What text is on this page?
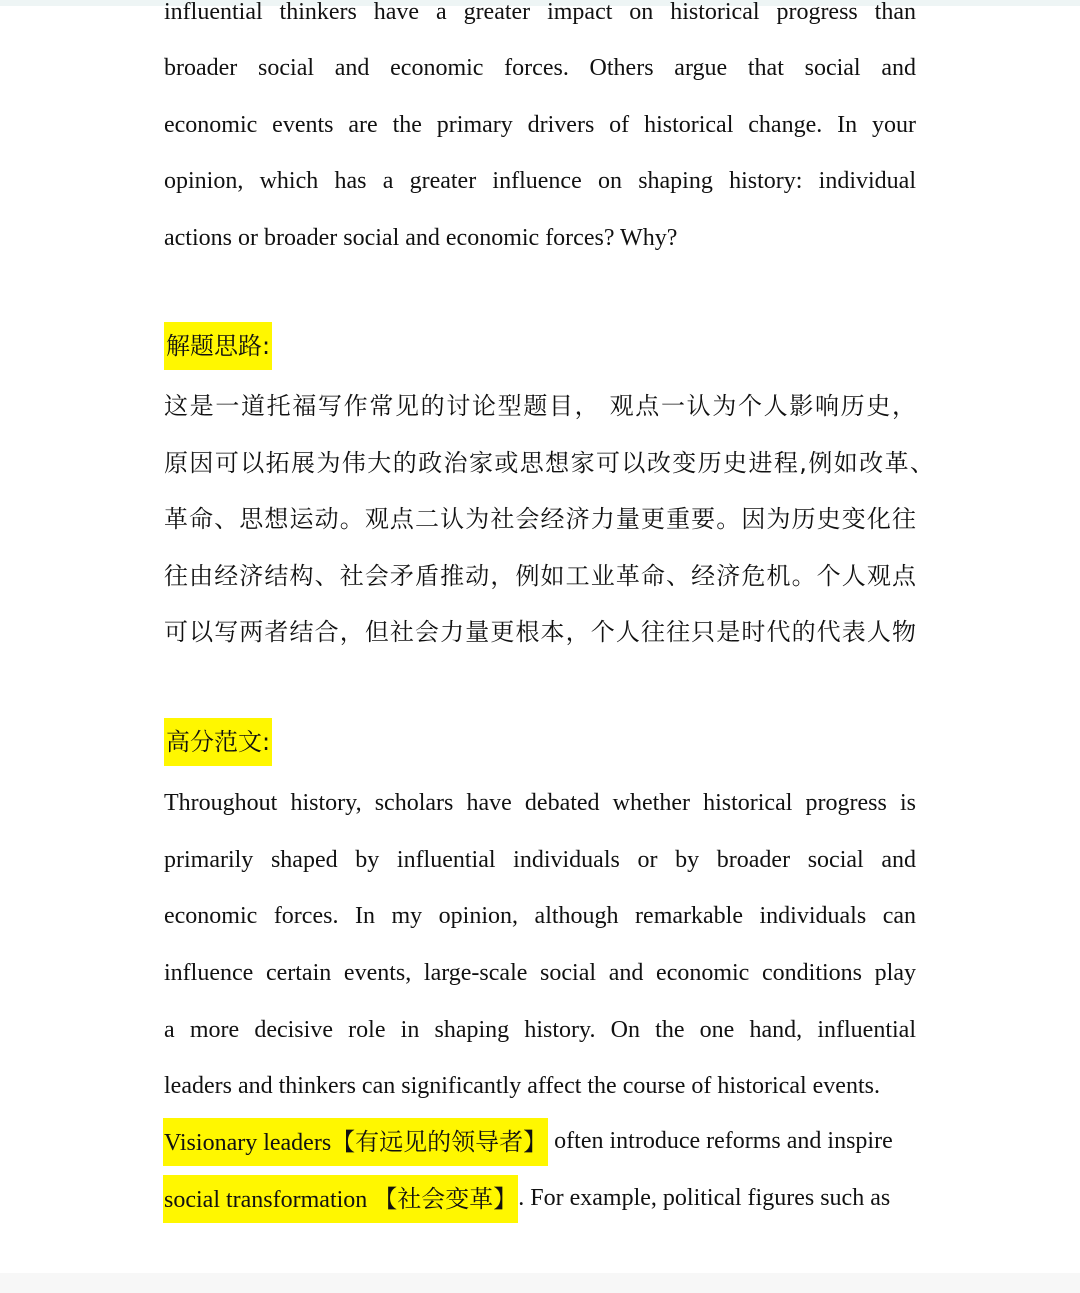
influential thinkers have a greater impact on historical progress than
broader social and economic forces. Others argue that social and
economic events are the primary drivers of historical change. In your
opinion, which has a greater influence on shaping history: individual
actions or broader social and economic forces? Why?
解题思路:
这是一道托福写作常见的讨论型题目， 观点一认为个人影响历史，
原因可以拓展为伟大的政治家或思想家可以改变历史进程,例如改革、
革命、思想运动。观点二认为社会经济力量更重要。因为历史变化往
往由经济结构、社会矛盾推动，例如工业革命、经济危机。个人观点
可以写两者结合，但社会力量更根本，个人往往只是时代的代表人物
高分范文:
Throughout history, scholars have debated whether historical progress is
primarily shaped by influential individuals or by broader social and
economic forces. In my opinion, although remarkable individuals can
influence certain events, large-scale social and economic conditions play
a more decisive role in shaping history. On the one hand, influential
leaders and thinkers can significantly affect the course of historical events.
Visionary leaders【有远见的领导者】 often introduce reforms and inspire
social transformation 【社会变革】. For example, political figures such as
